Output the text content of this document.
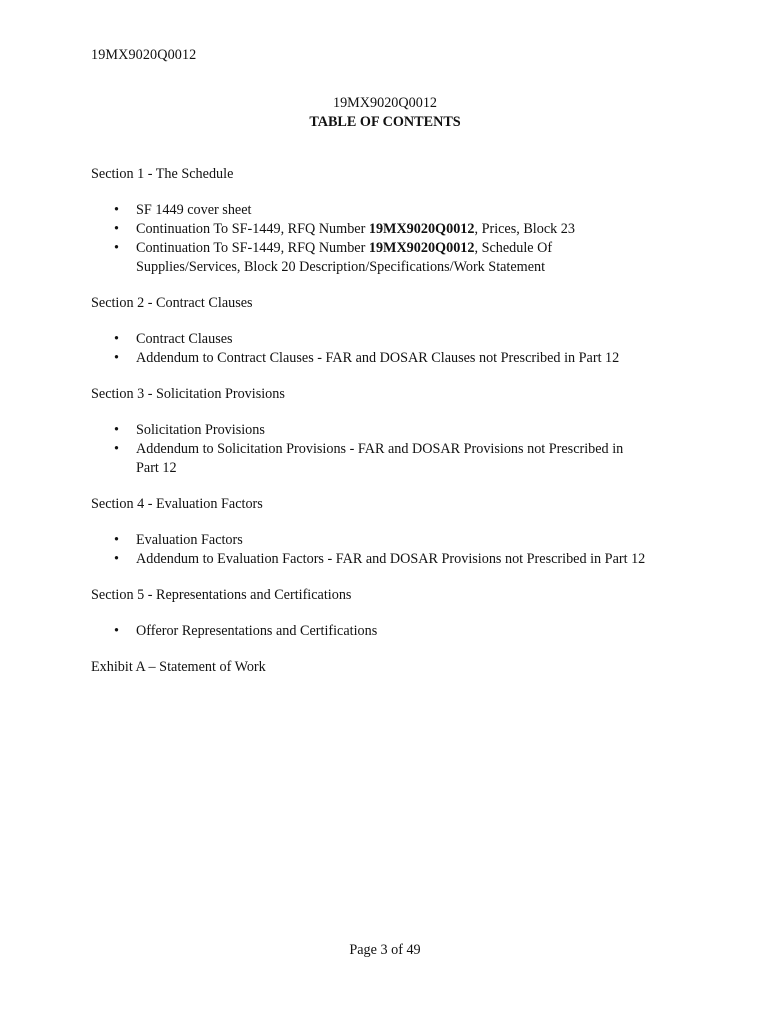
19MX9020Q0012
19MX9020Q0012
TABLE OF CONTENTS

Section 1 - The Schedule

• SF 1449 cover sheet
• Continuation To SF-1449, RFQ Number 19MX9020Q0012, Prices, Block 23
• Continuation To SF-1449, RFQ Number 19MX9020Q0012, Schedule Of
Supplies/Services, Block 20 Description/Specifications/Work Statement

Section 2 - Contract Clauses

• Contract Clauses
• Addendum to Contract Clauses - FAR and DOSAR Clauses not Prescribed in Part 12

Section 3 - Solicitation Provisions

• Solicitation Provisions
• Addendum to Solicitation Provisions - FAR and DOSAR Provisions not Prescribed in
Part 12

Section 4 - Evaluation Factors

• Evaluation Factors
• Addendum to Evaluation Factors - FAR and DOSAR Provisions not Prescribed in Part 12

Section 5 - Representations and Certifications

• Offeror Representations and Certifications

Exhibit A – Statement of Work

Page 3 of 49
